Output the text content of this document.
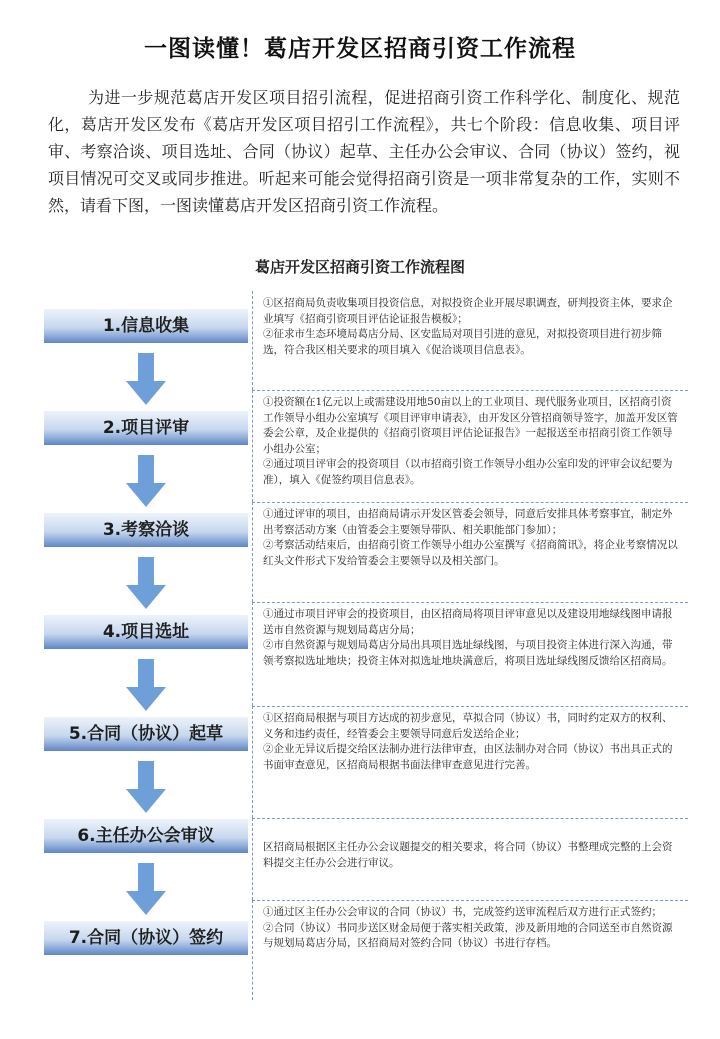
一图读懂！葛店开发区招商引资工作流程

为进一步规范葛店开发区项目招引流程，促进招商引资工作科学化、制度化、规范化，葛店开发区发布《葛店开发区项目招引工作流程》，共七个阶段：信息收集、项目评审、考察洽谈、项目选址、合同（协议）起草、主任办公会审议、合同（协议）签约，视项目情况可交叉或同步推进。听起来可能会觉得招商引资是一项非常复杂的工作，实则不然，请看下图，一图读懂葛店开发区招商引资工作流程。

葛店开发区招商引资工作流程图
1.信息收集
2.项目评审
3.考察洽谈
4.项目选址
5.合同（协议）起草
6.主任办公会审议
7.合同（协议）签约

①区招商局负责收集项目投资信息，对拟投资企业开展尽职调查，研判投资主体，要求企业填写《招商引资项目评估论证报告模板》；

②征求市生态环境局葛店分局、区安监局对项目引进的意见，对拟投资项目进行初步筛选，符合我区相关要求的项目填入《促洽谈项目信息表》。

①投资额在1亿元以上或需建设用地50亩以上的工业项目、现代服务业项目，区招商引资工作领导小组办公室填写《项目评审申请表》，由开发区分管招商领导签字，加盖开发区管委会公章，及企业提供的《招商引资项目评估论证报告》一起报送至市招商引资工作领导小组办公室；

②通过项目评审会的投资项目（以市招商引资工作领导小组办公室印发的评审会议纪要为准），填入《促签约项目信息表》。

①通过评审的项目，由招商局请示开发区管委会领导，同意后安排具体考察事宜，制定外出考察活动方案（由管委会主要领导带队、相关职能部门参加）；

②考察活动结束后，由招商引资工作领导小组办公室撰写《招商简讯》，将企业考察情况以红头文件形式下发给管委会主要领导以及相关部门。

①通过市项目评审会的投资项目，由区招商局将项目评审意见以及建设用地绿线图申请报送市自然资源与规划局葛店分局；

②市自然资源与规划局葛店分局出具项目选址绿线图，与项目投资主体进行深入沟通，带领考察拟选址地块；投资主体对拟选址地块满意后，将项目选址绿线图反馈给区招商局。

①区招商局根据与项目方达成的初步意见，草拟合同（协议）书，同时约定双方的权利、义务和违约责任，经管委会主要领导同意后发送给企业；

②企业无异议后提交给区法制办进行法律审查，由区法制办对合同（协议）书出具正式的书面审查意见，区招商局根据书面法律审查意见进行完善。

区招商局根据区主任办公会议题提交的相关要求，将合同（协议）书整理成完整的上会资料提交主任办公会进行审议。

①通过区主任办公会审议的合同（协议）书，完成签约送审流程后双方进行正式签约；

②合同（协议）书同步送区财金局便于落实相关政策，涉及新用地的合同送至市自然资源与规划局葛店分局，区招商局对签约合同（协议）书进行存档。
